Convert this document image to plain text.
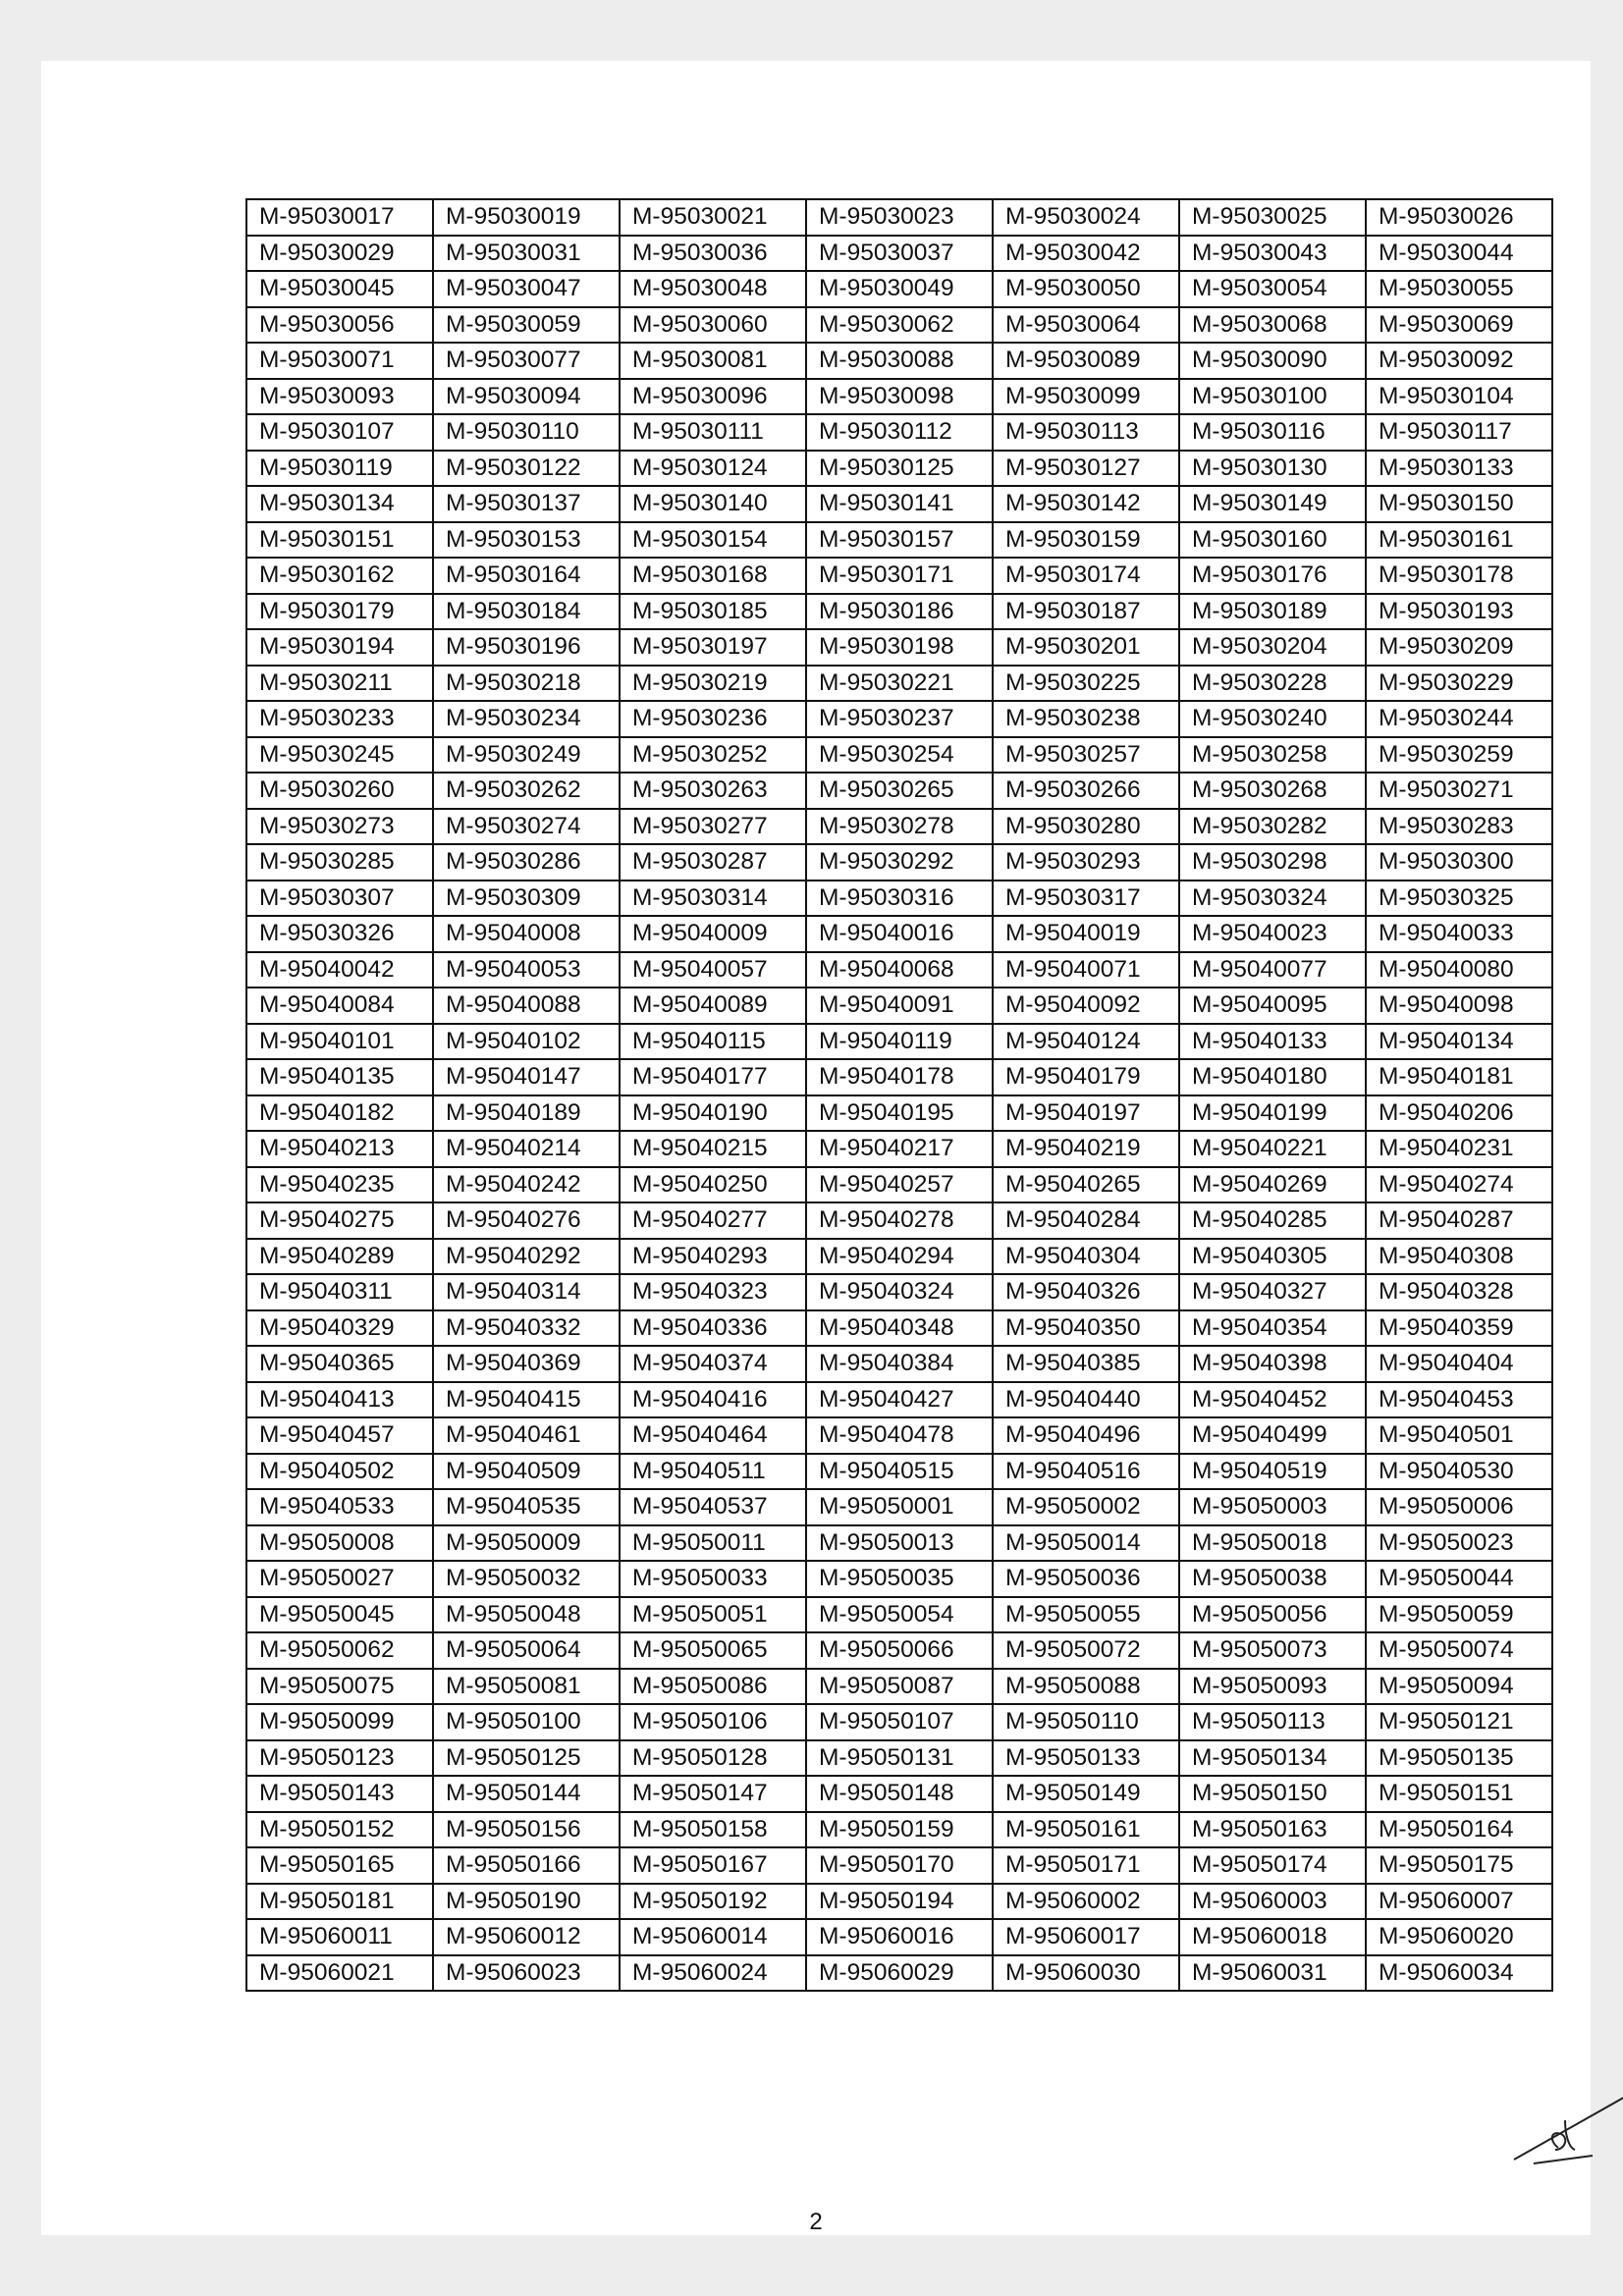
M-95030017	M-95030019	M-95030021	M-95030023	M-95030024	M-95030025	M-95030026
M-95030029	M-95030031	M-95030036	M-95030037	M-95030042	M-95030043	M-95030044
M-95030045	M-95030047	M-95030048	M-95030049	M-95030050	M-95030054	M-95030055
M-95030056	M-95030059	M-95030060	M-95030062	M-95030064	M-95030068	M-95030069
M-95030071	M-95030077	M-95030081	M-95030088	M-95030089	M-95030090	M-95030092
M-95030093	M-95030094	M-95030096	M-95030098	M-95030099	M-95030100	M-95030104
M-95030107	M-95030110	M-95030111	M-95030112	M-95030113	M-95030116	M-95030117
M-95030119	M-95030122	M-95030124	M-95030125	M-95030127	M-95030130	M-95030133
M-95030134	M-95030137	M-95030140	M-95030141	M-95030142	M-95030149	M-95030150
M-95030151	M-95030153	M-95030154	M-95030157	M-95030159	M-95030160	M-95030161
M-95030162	M-95030164	M-95030168	M-95030171	M-95030174	M-95030176	M-95030178
M-95030179	M-95030184	M-95030185	M-95030186	M-95030187	M-95030189	M-95030193
M-95030194	M-95030196	M-95030197	M-95030198	M-95030201	M-95030204	M-95030209
M-95030211	M-95030218	M-95030219	M-95030221	M-95030225	M-95030228	M-95030229
M-95030233	M-95030234	M-95030236	M-95030237	M-95030238	M-95030240	M-95030244
M-95030245	M-95030249	M-95030252	M-95030254	M-95030257	M-95030258	M-95030259
M-95030260	M-95030262	M-95030263	M-95030265	M-95030266	M-95030268	M-95030271
M-95030273	M-95030274	M-95030277	M-95030278	M-95030280	M-95030282	M-95030283
M-95030285	M-95030286	M-95030287	M-95030292	M-95030293	M-95030298	M-95030300
M-95030307	M-95030309	M-95030314	M-95030316	M-95030317	M-95030324	M-95030325
M-95030326	M-95040008	M-95040009	M-95040016	M-95040019	M-95040023	M-95040033
M-95040042	M-95040053	M-95040057	M-95040068	M-95040071	M-95040077	M-95040080
M-95040084	M-95040088	M-95040089	M-95040091	M-95040092	M-95040095	M-95040098
M-95040101	M-95040102	M-95040115	M-95040119	M-95040124	M-95040133	M-95040134
M-95040135	M-95040147	M-95040177	M-95040178	M-95040179	M-95040180	M-95040181
M-95040182	M-95040189	M-95040190	M-95040195	M-95040197	M-95040199	M-95040206
M-95040213	M-95040214	M-95040215	M-95040217	M-95040219	M-95040221	M-95040231
M-95040235	M-95040242	M-95040250	M-95040257	M-95040265	M-95040269	M-95040274
M-95040275	M-95040276	M-95040277	M-95040278	M-95040284	M-95040285	M-95040287
M-95040289	M-95040292	M-95040293	M-95040294	M-95040304	M-95040305	M-95040308
M-95040311	M-95040314	M-95040323	M-95040324	M-95040326	M-95040327	M-95040328
M-95040329	M-95040332	M-95040336	M-95040348	M-95040350	M-95040354	M-95040359
M-95040365	M-95040369	M-95040374	M-95040384	M-95040385	M-95040398	M-95040404
M-95040413	M-95040415	M-95040416	M-95040427	M-95040440	M-95040452	M-95040453
M-95040457	M-95040461	M-95040464	M-95040478	M-95040496	M-95040499	M-95040501
M-95040502	M-95040509	M-95040511	M-95040515	M-95040516	M-95040519	M-95040530
M-95040533	M-95040535	M-95040537	M-95050001	M-95050002	M-95050003	M-95050006
M-95050008	M-95050009	M-95050011	M-95050013	M-95050014	M-95050018	M-95050023
M-95050027	M-95050032	M-95050033	M-95050035	M-95050036	M-95050038	M-95050044
M-95050045	M-95050048	M-95050051	M-95050054	M-95050055	M-95050056	M-95050059
M-95050062	M-95050064	M-95050065	M-95050066	M-95050072	M-95050073	M-95050074
M-95050075	M-95050081	M-95050086	M-95050087	M-95050088	M-95050093	M-95050094
M-95050099	M-95050100	M-95050106	M-95050107	M-95050110	M-95050113	M-95050121
M-95050123	M-95050125	M-95050128	M-95050131	M-95050133	M-95050134	M-95050135
M-95050143	M-95050144	M-95050147	M-95050148	M-95050149	M-95050150	M-95050151
M-95050152	M-95050156	M-95050158	M-95050159	M-95050161	M-95050163	M-95050164
M-95050165	M-95050166	M-95050167	M-95050170	M-95050171	M-95050174	M-95050175
M-95050181	M-95050190	M-95050192	M-95050194	M-95060002	M-95060003	M-95060007
M-95060011	M-95060012	M-95060014	M-95060016	M-95060017	M-95060018	M-95060020
M-95060021	M-95060023	M-95060024	M-95060029	M-95060030	M-95060031	M-95060034
2
